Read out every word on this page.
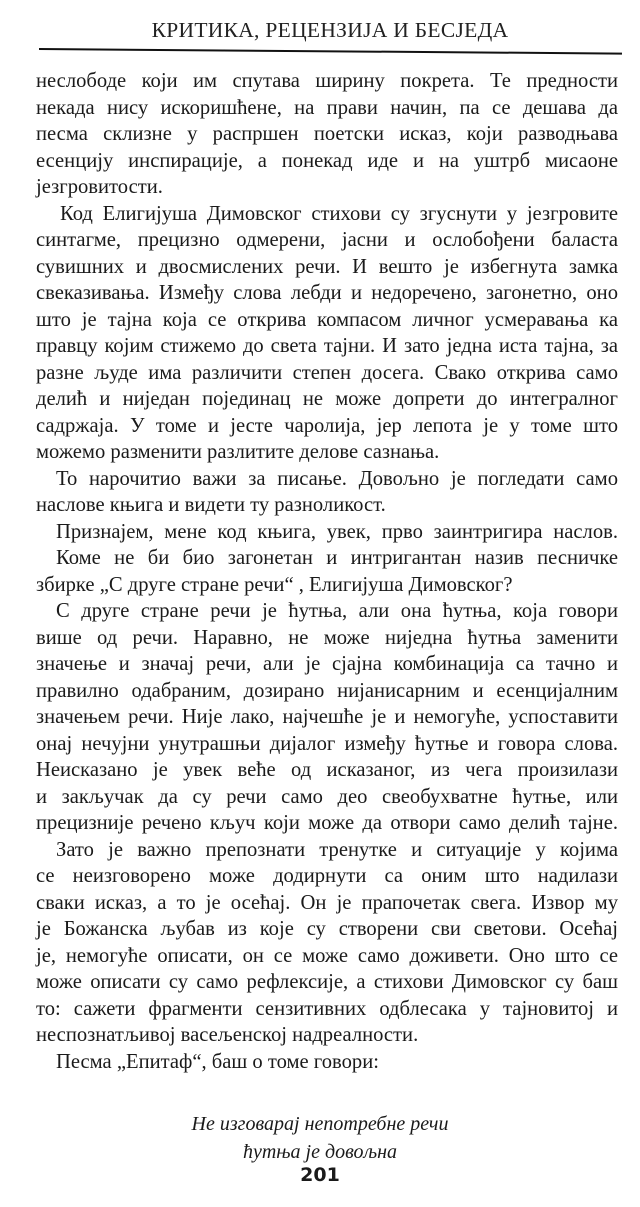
КРИТИКА, РЕЦЕНЗИЈА И БЕСЈЕДА
неслободе који им спутава ширину покрета. Те предности
некада нису искоришћене, на прави начин, па се дешава да
песма склизне у распршен поетски исказ, који разводњава
есенцију инспирације, а понекад иде и на уштрб мисаоне
језгровитости.
Код Елигијуша Димовског стихови су згуснути у језгровите
синтагме, прецизно одмерени, јасни и ослобођени баласта
сувишних и двосмислених речи. И вешто је избегнута замка
свеказивања. Између слова лебди и недоречено, загонетно, оно
што је тајна која се открива компасом личног усмеравања ка
правцу којим стижемо до света тајни. И зато једна иста тајна, за
разне људе има различити степен досега. Свако открива само
делић и ниједан појединац не може допрети до интегралног
садржаја. У томе и јесте чаролија, јер лепота је у томе што
можемо разменити разлитите делове сазнања.
То нарочитио важи за писање. Довољно је погледати само
наслове књига и видети ту разноликост.
Признајем, мене код књига, увек, прво заинтригира наслов.
Коме не би био загонетан и интригантан назив песничке
збирке „С друге стране речи“ , Елигијуша Димовског?
С друге стране речи је ћутња, али она ћутња, која говори
више од речи. Наравно, не може ниједна ћутња заменити
значење и значај речи, али је сјајна комбинација са тачно и
правилно одабраним, дозирано нијанисарним и есенцијалним
значењем речи. Није лако, најчешће је и немогуће, успоставити
онај нечујни унутрашњи дијалог између ћутње и говора слова.
Неисказано је увек веће од исказаног, из чега произилази
и закључак да су речи само део свеобухватне ћутње, или
прецизније речено кључ који може да отвори само делић тајне.
Зато је важно препознати тренутке и ситуације у којима
се неизговорено може додирнути са оним што надилази
сваки исказ, а то је осећај. Он је прапочетак свега. Извор му
је Божанска љубав из које су створени сви светови. Осећај
је, немогуће описати, он се може само доживети. Оно што се
може описати су само рефлексије, а стихови Димовског су баш
то: сажети фрагменти сензитивних одблесака у тајновитој и
неспознатљивој васељенској надреалности.
Песма „Епитаф“, баш о томе говори:
Не изговарај непотребне речи
ћутња је довољна
201
